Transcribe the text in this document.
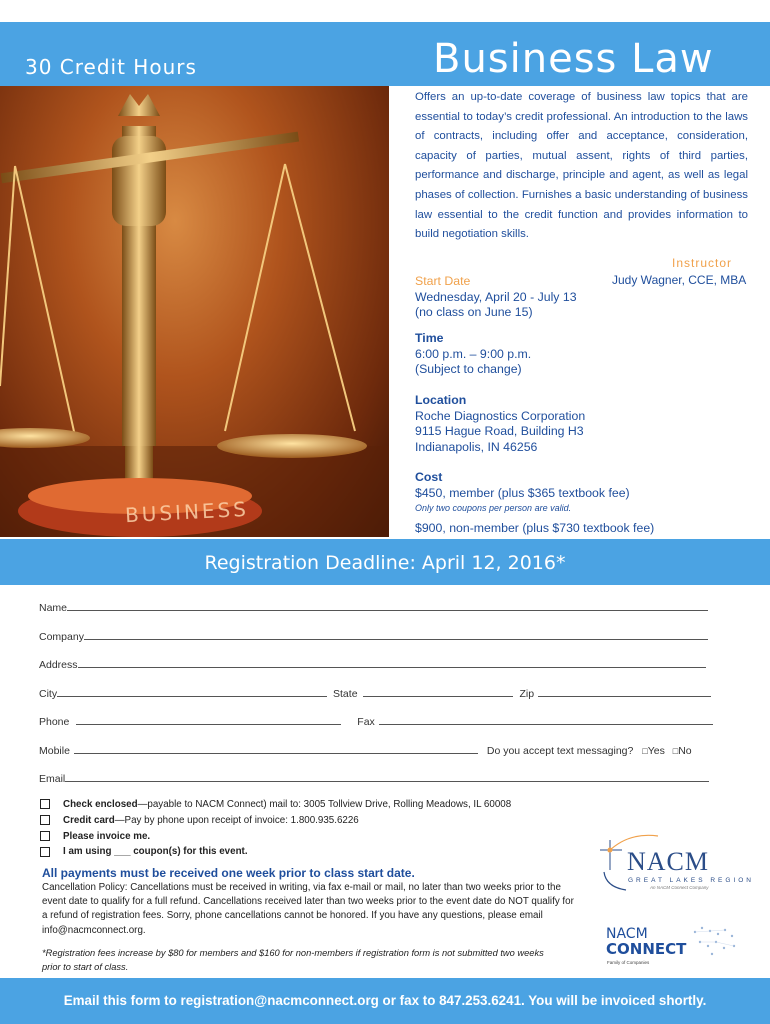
30 Credit Hours	Business Law
BUSINESS
Offers an up-to-date coverage of business law topics that are essential to today’s credit professional. An introduction to the laws of contracts, including offer and acceptance, consideration, capacity of parties, mutual assent, rights of third parties, performance and discharge, principle and agent, as well as legal phases of collection. Furnishes a basic understanding of business law essential to the credit function and provides information to build negotiation skills.
Instructor
Judy Wagner, CCE, MBA
Start Date
Wednesday, April 20 - July 13
(no class on June 15)
Time
6:00 p.m. – 9:00 p.m.
(Subject to change)
Location
Roche Diagnostics Corporation
9115 Hague Road, Building H3
Indianapolis, IN 46256
Cost
$450, member (plus $365 textbook fee)
Only two coupons per person are valid.
$900, non-member (plus $730 textbook fee)
Registration Deadline: April 12, 2016*
Name
Company
Address
City	State	Zip
Phone	Fax
Mobile	Do you accept text messaging? □Yes □No
Email
Check enclosed—payable to NACM Connect) mail to: 3005 Tollview Drive, Rolling Meadows, IL 60008
Credit card—Pay by phone upon receipt of invoice: 1.800.935.6226
Please invoice me.
I am using ___ coupon(s) for this event.
All payments must be received one week prior to class start date.
Cancellation Policy: Cancellations must be received in writing, via fax e-mail or mail, no later than two weeks prior to the event date to qualify for a full refund. Cancellations received later than two weeks prior to the event date do NOT qualify for a refund of registration fees. Sorry, phone cancellations cannot be honored. If you have any questions, please email info@nacmconnect.org.
*Registration fees increase by $80 for members and $160 for non-members if registration form is not submitted two weeks prior to start of class.
NACM
GREAT LAKES REGION
An NACM Connect Company
NACM
CONNECT
Family of Companies
Email this form to registration@nacmconnect.org or fax to 847.253.6241. You will be invoiced shortly.
